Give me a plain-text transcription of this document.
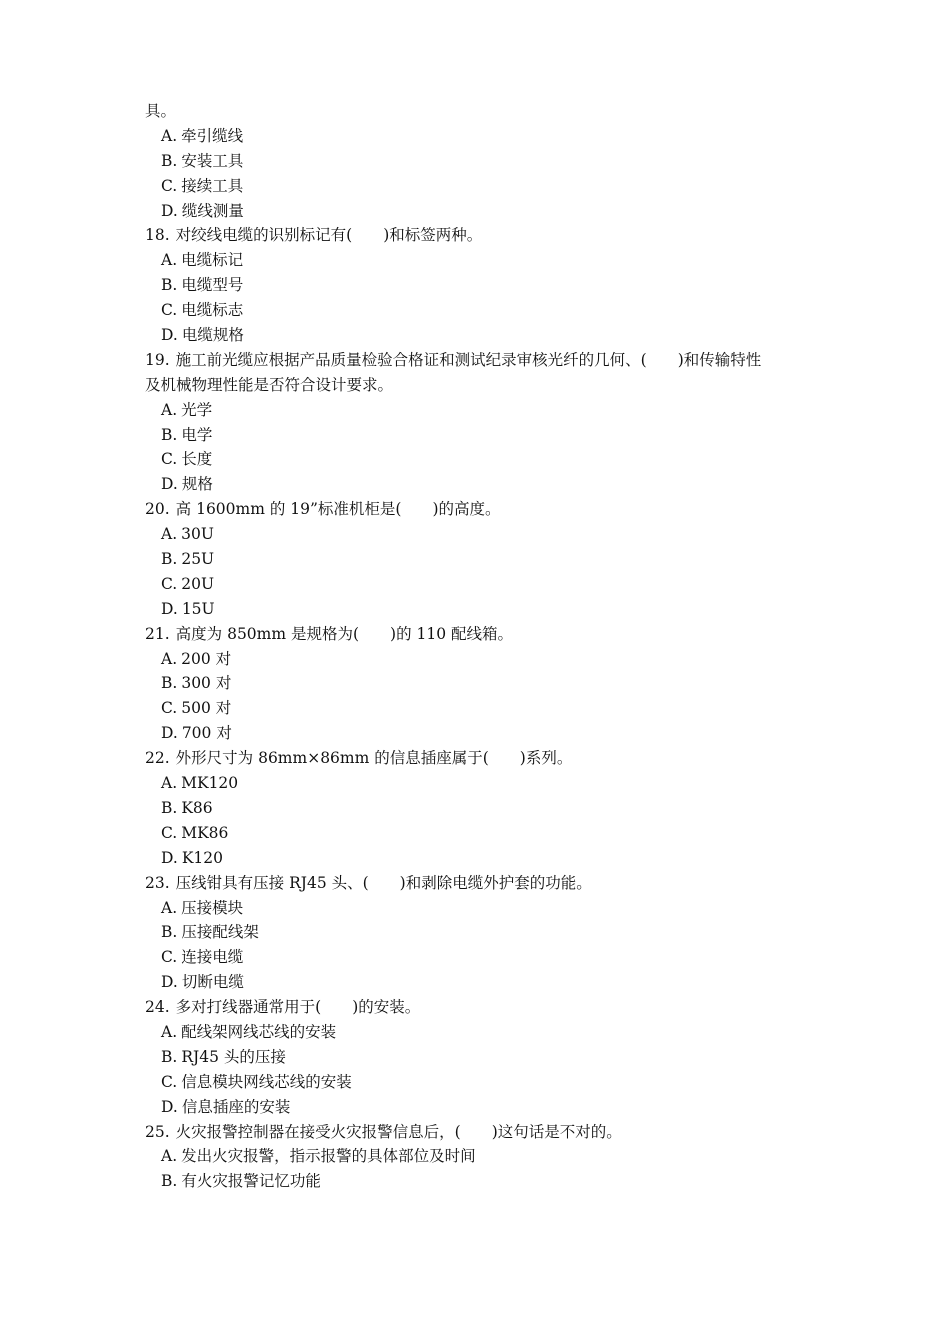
具。
A. 牵引缆线
B. 安装工具
C. 接续工具
D. 缆线测量
18. 对绞线电缆的识别标记有(　　)和标签两种。
A. 电缆标记
B. 电缆型号
C. 电缆标志
D. 电缆规格
19. 施工前光缆应根据产品质量检验合格证和测试纪录审核光纤的几何、(　　)和传输特性
及机械物理性能是否符合设计要求。
A. 光学
B. 电学
C. 长度
D. 规格
20. 高 1600mm 的 19”标准机柜是(　　)的高度。
A. 30U
B. 25U
C. 20U
D. 15U
21. 高度为 850mm 是规格为(　　)的 110 配线箱。
A. 200 对
B. 300 对
C. 500 对
D. 700 对
22. 外形尺寸为 86mm×86mm 的信息插座属于(　　)系列。
A. MK120
B. K86
C. MK86
D. K120
23. 压线钳具有压接 RJ45 头、(　　)和剥除电缆外护套的功能。
A. 压接模块
B. 压接配线架
C. 连接电缆
D. 切断电缆
24. 多对打线器通常用于(　　)的安装。
A. 配线架网线芯线的安装
B. RJ45 头的压接
C. 信息模块网线芯线的安装
D. 信息插座的安装
25. 火灾报警控制器在接受火灾报警信息后，(　　)这句话是不对的。
A. 发出火灾报警，指示报警的具体部位及时间
B. 有火灾报警记忆功能
